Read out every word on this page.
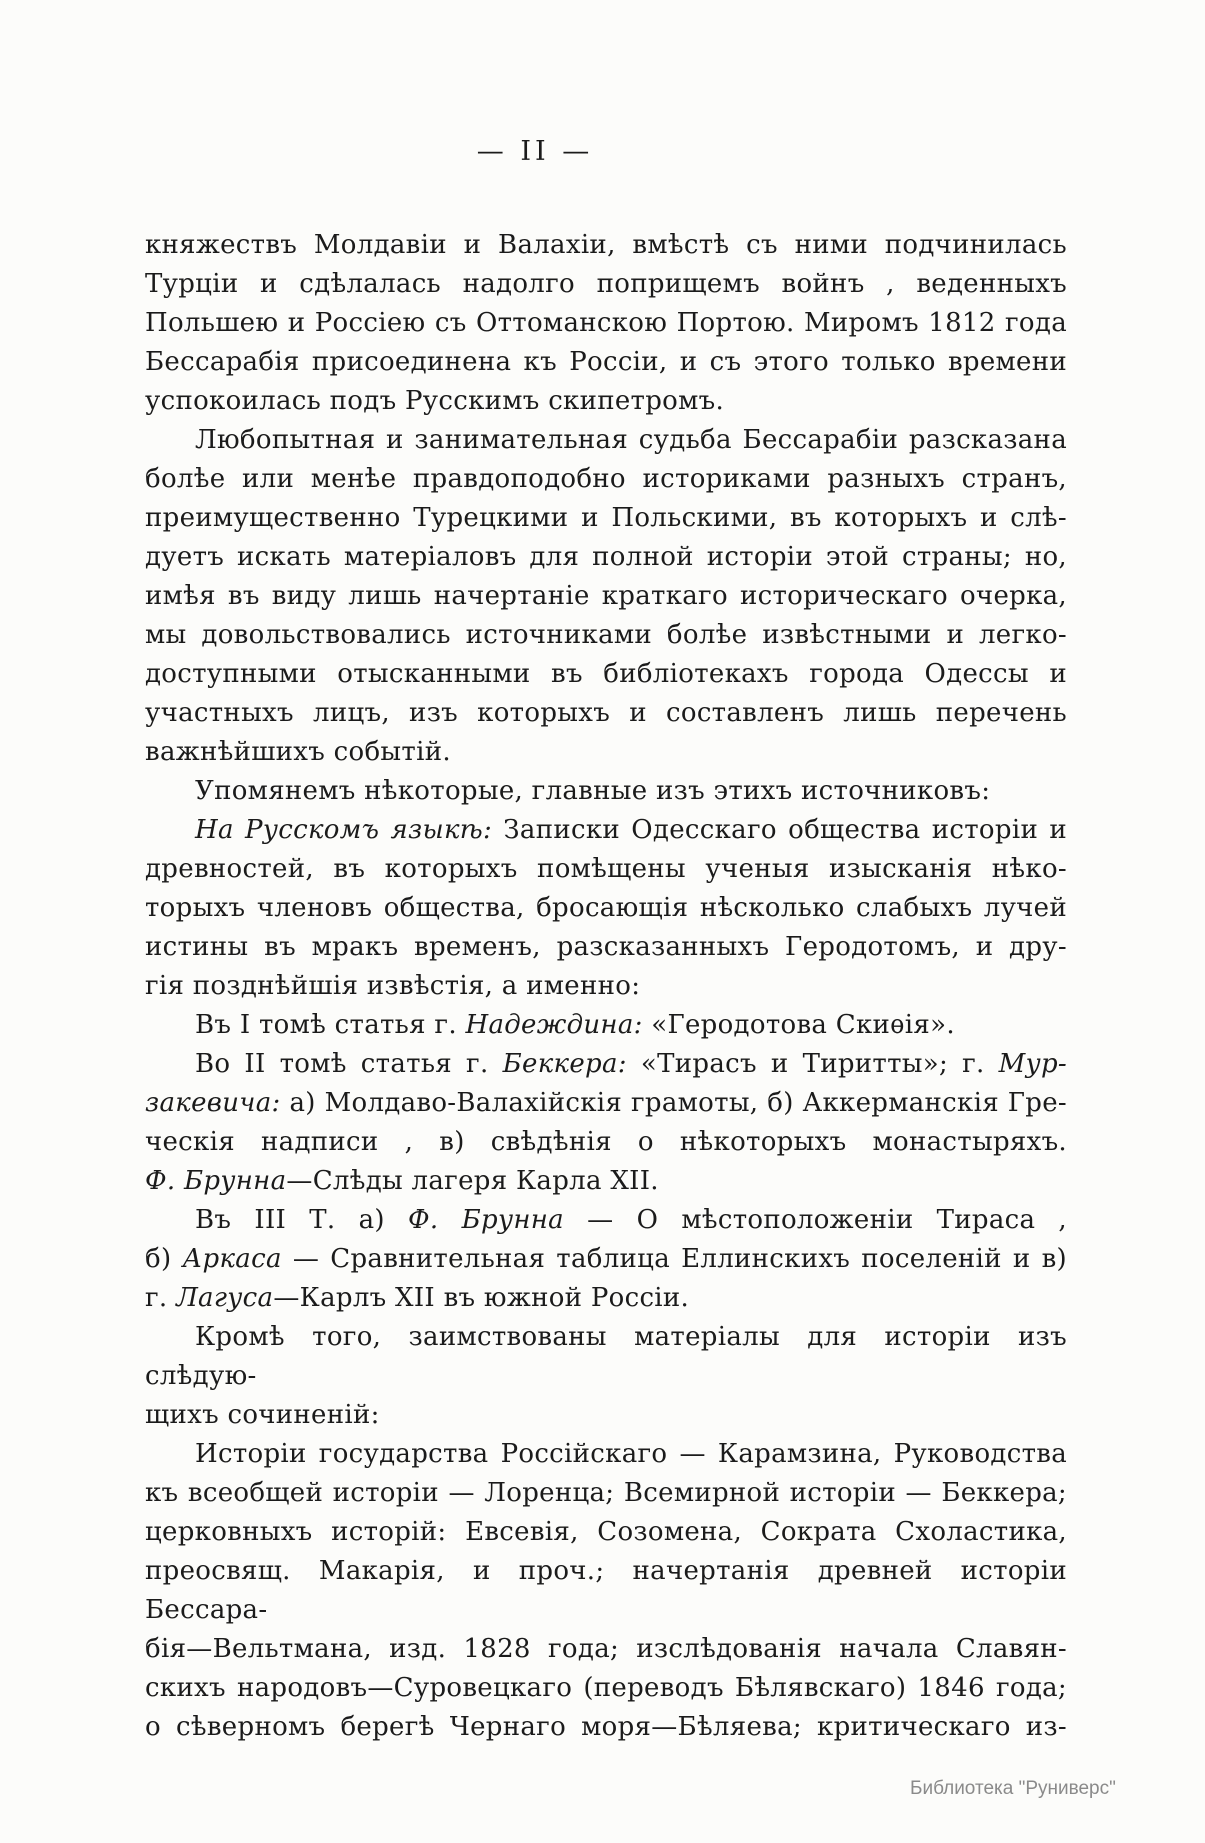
— II —
княжествъ Молдавіи и Валахіи, вмѣстѣ съ ними подчинилась
Турціи и сдѣлалась надолго поприщемъ войнъ , веденныхъ
Польшею и Россіею съ Оттоманскою Портою. Миромъ 1812 года
Бессарабія присоединена къ Россіи, и съ этого только времени
успокоилась подъ Русскимъ скипетромъ.
Любопытная и занимательная судьба Бессарабіи разсказана
болѣе или менѣе правдоподобно историками разныхъ странъ,
преимущественно Турецкими и Польскими, въ которыхъ и слѣ-
дуетъ искать матеріаловъ для полной исторіи этой страны; но,
имѣя въ виду лишь начертаніе краткаго историческаго очерка,
мы довольствовались источниками болѣе извѣстными и легко-
доступными отысканными въ библіотекахъ города Одессы и
участныхъ лицъ, изъ которыхъ и составленъ лишь перечень
важнѣйшихъ событій.
Упомянемъ нѣкоторые, главные изъ этихъ источниковъ:
На Русскомъ языкѣ: Записки Одесскаго общества исторіи и
древностей, въ которыхъ помѣщены ученыя изысканія нѣко-
торыхъ членовъ общества, бросающія нѣсколько слабыхъ лучей
истины въ мракъ временъ, разсказанныхъ Геродотомъ, и дру-
гія позднѣйшія извѣстія, а именно:
Въ I томѣ статья г. Надеждина: «Геродотова Скиѳія».
Во II томѣ статья г. Беккера: «Тирасъ и Тиритты»; г. Мур-
закевича: а) Молдаво-Валахійскія грамоты, б) Аккерманскія Гре-
ческія надписи , в) свѣдѣнія о нѣкоторыхъ монастыряхъ.
Ф. Брунна—Слѣды лагеря Карла XII.
Въ III Т. а) Ф. Брунна — О мѣстоположеніи Тираса ,
б) Аркаса — Сравнительная таблица Еллинскихъ поселеній и в)
г. Лагуса—Карлъ XII въ южной Россіи.
Кромѣ того, заимствованы матеріалы для исторіи изъ слѣдую-
щихъ сочиненій:
Исторіи государства Россійскаго — Карамзина, Руководства
къ всеобщей исторіи — Лоренца; Всемирной исторіи — Беккера;
церковныхъ исторій: Евсевія, Созомена, Сократа Схоластика,
преосвящ. Макарія, и проч.; начертанія древней исторіи Бессара-
бія—Вельтмана, изд. 1828 года; изслѣдованія начала Славян-
скихъ народовъ—Суровецкаго (переводъ Бѣлявскаго) 1846 года;
о сѣверномъ берегѣ Чернаго моря—Бѣляева; критическаго из-
Библиотека "Руниверс"
